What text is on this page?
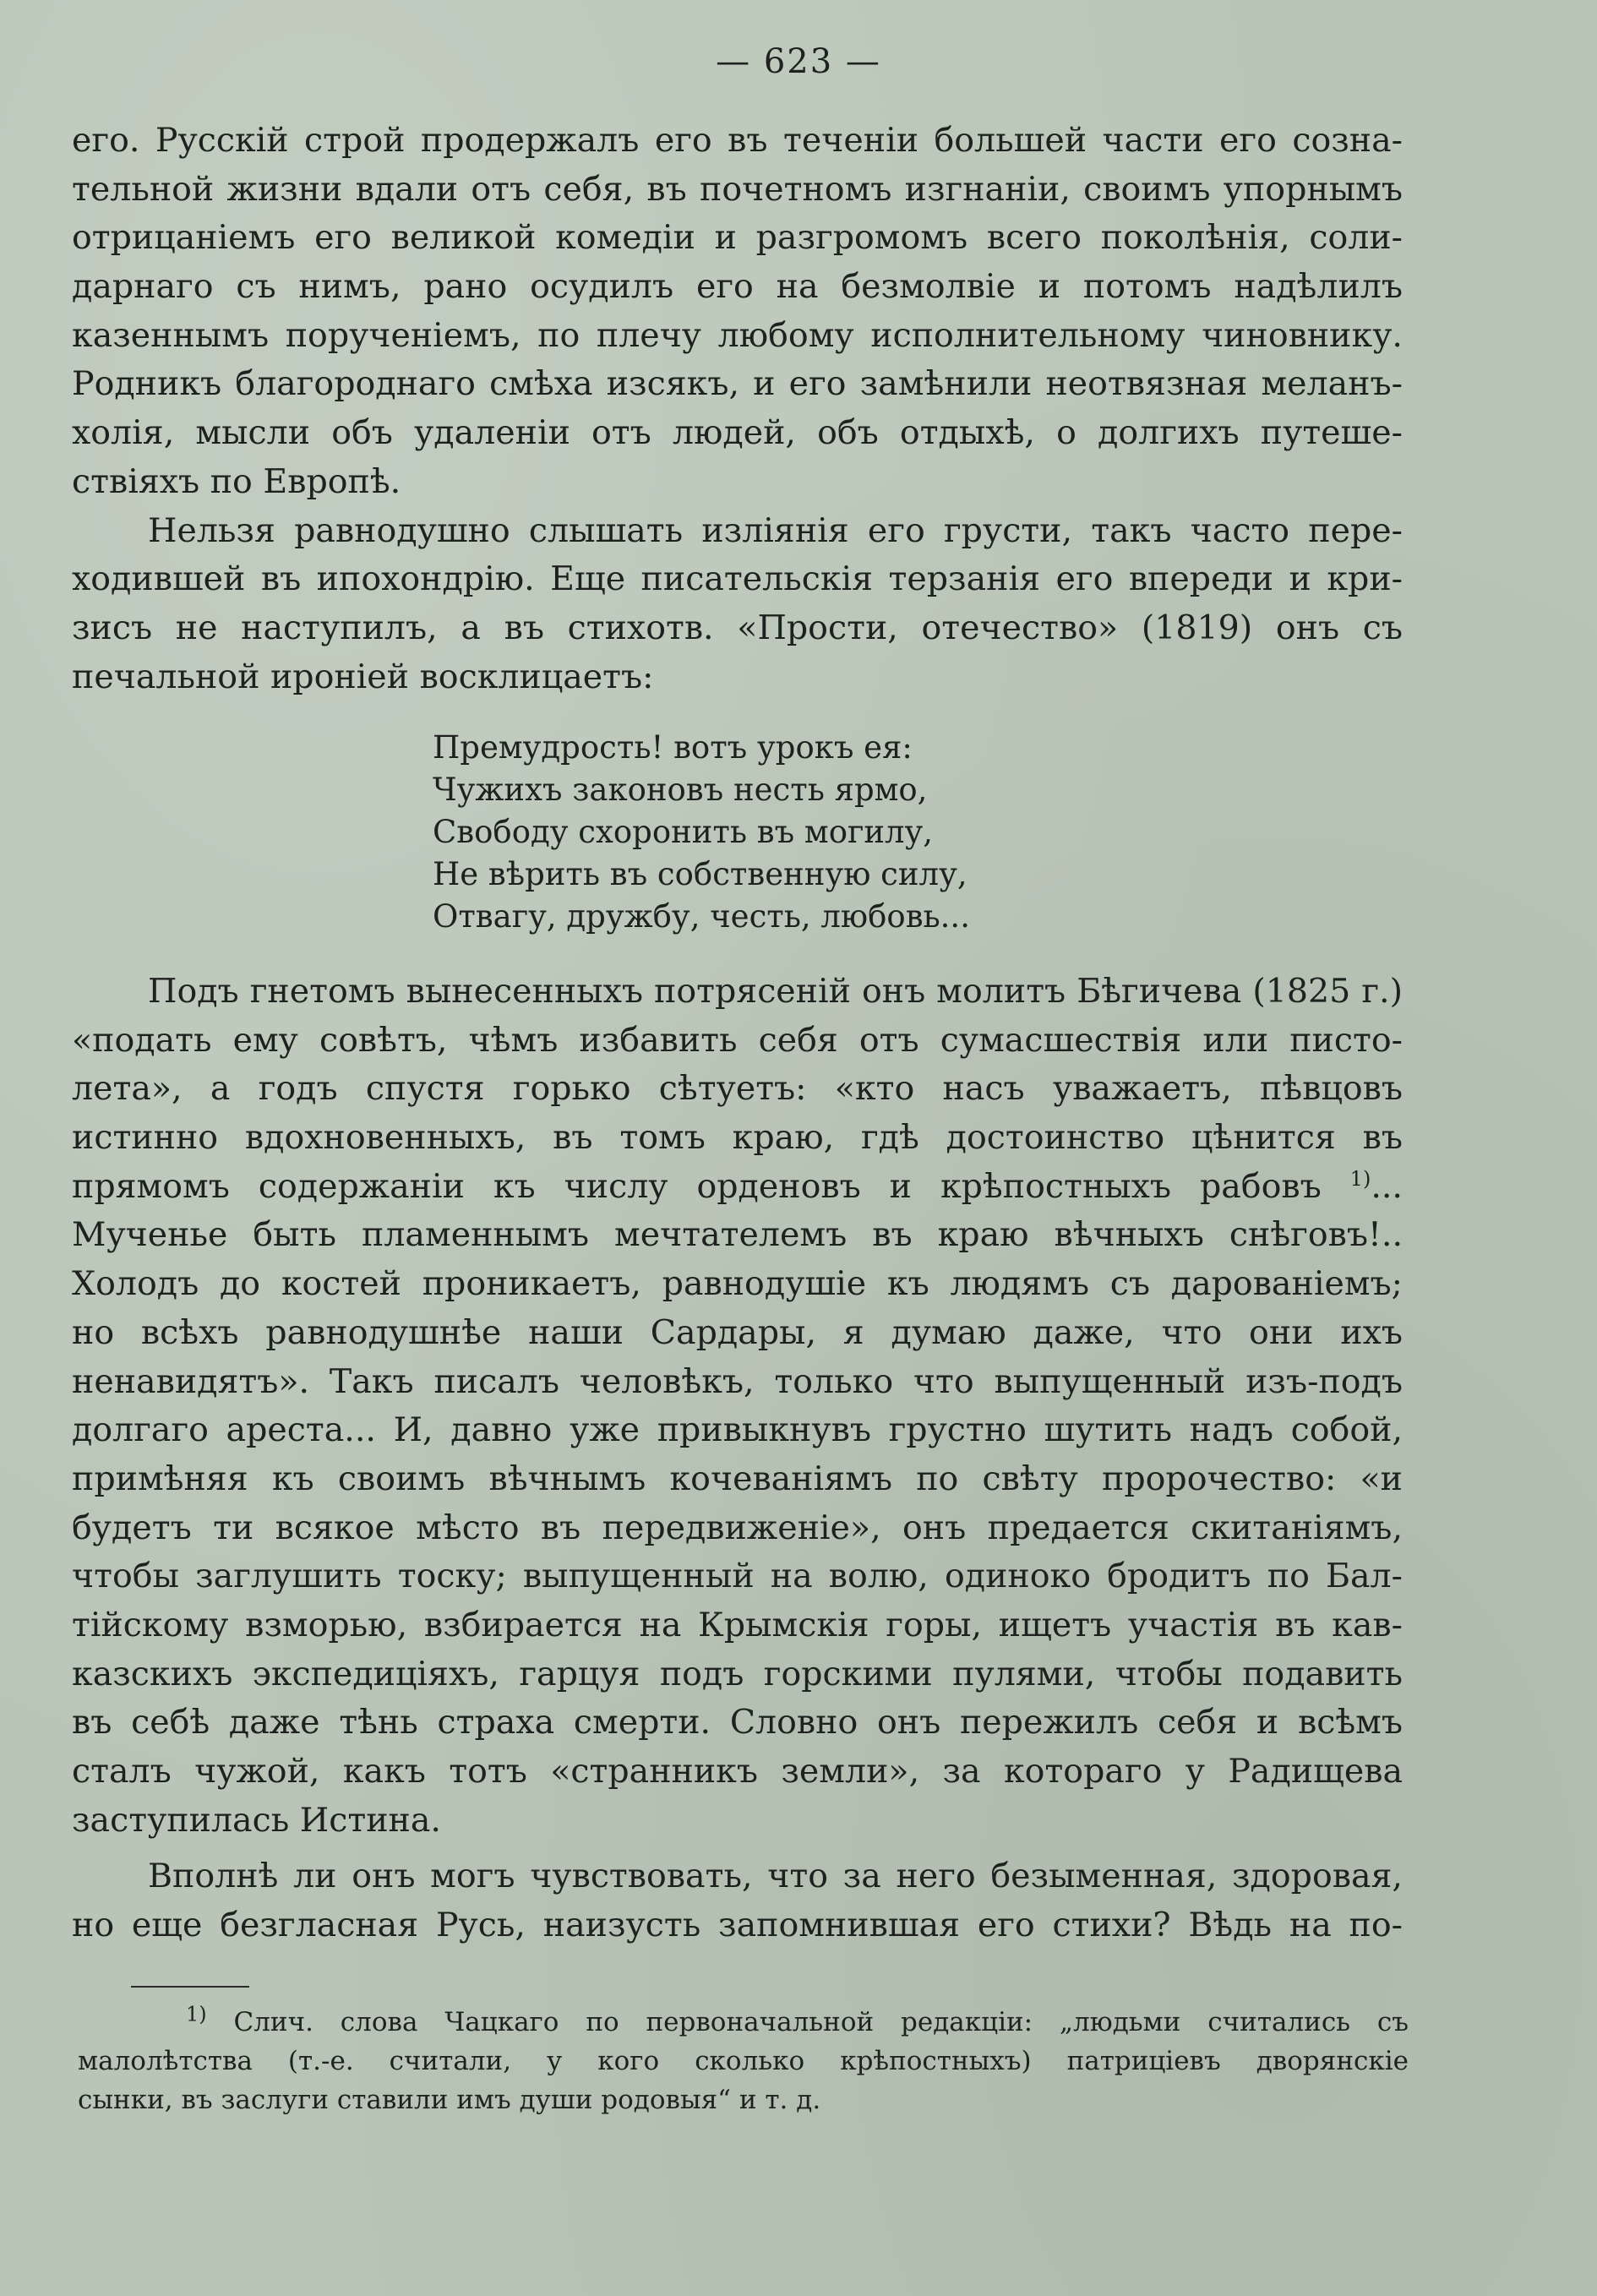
— 623 —

его. Русскій строй продержалъ его въ теченіи большей части его созна-
тельной жизни вдали отъ себя, въ почетномъ изгнаніи, своимъ упорнымъ
отрицаніемъ его великой комедіи и разгромомъ всего поколѣнія, соли-
дарнаго съ нимъ, рано осудилъ его на безмолвіе и потомъ надѣлилъ
казеннымъ порученіемъ, по плечу любому исполнительному чиновнику.
Родникъ благороднаго смѣха изсякъ, и его замѣнили неотвязная меланъ-
холія, мысли объ удаленіи отъ людей, объ отдыхѣ, о долгихъ путеше-
ствіяхъ по Европѣ.
Нельзя равнодушно слышать изліянія его грусти, такъ часто пере-
ходившей въ ипохондрію. Еще писательскія терзанія его впереди и кри-
зисъ не наступилъ, а въ стихотв. «Прости, отечество» (1819) онъ съ
печальной ироніей восклицаетъ:
Премудрость! вотъ урокъ ея:
Чужихъ законовъ несть ярмо,
Свободу схоронить въ могилу,
Не вѣрить въ собственную силу,
Отвагу, дружбу, честь, любовь...
Подъ гнетомъ вынесенныхъ потрясеній онъ молитъ Бѣгичева (1825 г.)
«подать ему совѣтъ, чѣмъ избавить себя отъ сумасшествія или писто-
лета», а годъ спустя горько сѣтуетъ: «кто насъ уважаетъ, пѣвцовъ
истинно вдохновенныхъ, въ томъ краю, гдѣ достоинство цѣнится въ
прямомъ содержаніи къ числу орденовъ и крѣпостныхъ рабовъ $^{1)}$...
Мученье быть пламеннымъ мечтателемъ въ краю вѣчныхъ снѣговъ!..
Холодъ до костей проникаетъ, равнодушіе къ людямъ съ дарованіемъ;
но всѣхъ равнодушнѣе наши Сардары, я думаю даже, что они ихъ
ненавидятъ». Такъ писалъ человѣкъ, только что выпущенный изъ-подъ
долгаго ареста... И, давно уже привыкнувъ грустно шутить надъ собой,
примѣняя къ своимъ вѣчнымъ кочеваніямъ по свѣту пророчество: «и
будетъ ти всякое мѣсто въ передвиженіе», онъ предается скитаніямъ,
чтобы заглушить тоску; выпущенный на волю, одиноко бродитъ по Бал-
тійскому взморью, взбирается на Крымскія горы, ищетъ участія въ кав-
казскихъ экспедиціяхъ, гарцуя подъ горскими пулями, чтобы подавить
въ себѣ даже тѣнь страха смерти. Словно онъ пережилъ себя и всѣмъ
сталъ чужой, какъ тотъ «странникъ земли», за котораго у Радищева
заступилась Истина.
Вполнѣ ли онъ могъ чувствовать, что за него безыменная, здоровая,
но еще безгласная Русь, наизусть запомнившая его стихи? Вѣдь на по-
$^{1)}$ Слич. слова Чацкаго по первоначальной редакціи: „людьми считались съ
малолѣтства (т.-е. считали, у кого сколько крѣпостныхъ) патриціевъ дворянскіе
сынки, въ заслуги ставили имъ души родовыя“ и т. д.
